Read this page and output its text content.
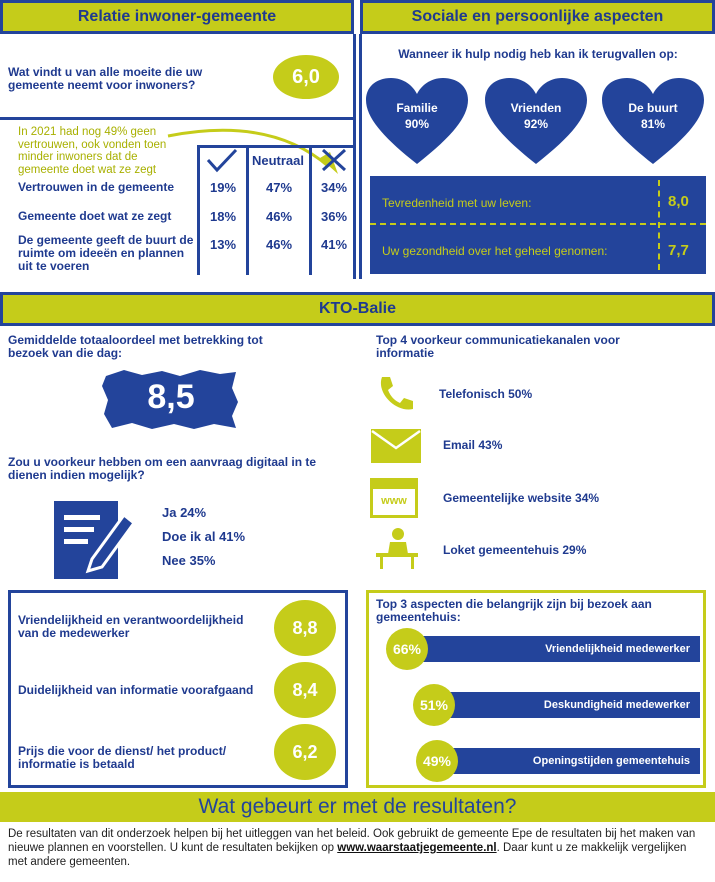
Relatie inwoner-gemeente
Wat vindt u van alle moeite die uw gemeente neemt voor inwoners?	6,0
In 2021 had nog 49% geen vertrouwen, ook vonden toen minder inwoners dat de gemeente doet wat ze zegt
Neutraal
Vertrouwen in de gemeente	19%	47%	34%
Gemeente doet wat ze zegt	18%	46%	36%
De gemeente geeft de buurt de ruimte om ideeën en plannen uit te voeren
13%	46%	41%
Sociale en persoonlijke aspecten
Wanneer ik hulp nodig heb kan ik terugvallen op:
Familie
90%
Vrienden
92%
De buurt
81%
Tevredenheid met uw leven:	8,0
Uw gezondheid over het geheel genomen:	7,7
KTO-Balie
Gemiddelde totaaloordeel met betrekking tot bezoek van die dag:
8,5
Zou u voorkeur hebben om een aanvraag digitaal in te dienen indien mogelijk?
Ja 24%
Doe ik al 41%
Nee 35%
Top 4 voorkeur communicatiekanalen voor informatie
Telefonisch 50%
Email 43%
www	Gemeentelijke website 34%
Loket gemeentehuis 29%
Vriendelijkheid en verantwoordelijkheid van de medewerker	8,8
Duidelijkheid van informatie voorafgaand 8,4
Prijs die voor de dienst/ het product/ informatie is betaald
6,2
Top 3 aspecten die belangrijk zijn bij bezoek aan gemeentehuis:
Vriendelijkheid medewerker
66%
Deskundigheid medewerker
51%
Openingstijden gemeentehuis
49%
Wat gebeurt er met de resultaten?
De resultaten van dit onderzoek helpen bij het uitleggen van het beleid. Ook gebruikt de gemeente Epe de resultaten bij het maken van nieuwe plannen en voorstellen. U kunt de resultaten bekijken op www.waarstaatjegemeente.nl. Daar kunt u ze makkelijk vergelijken met andere gemeenten.
